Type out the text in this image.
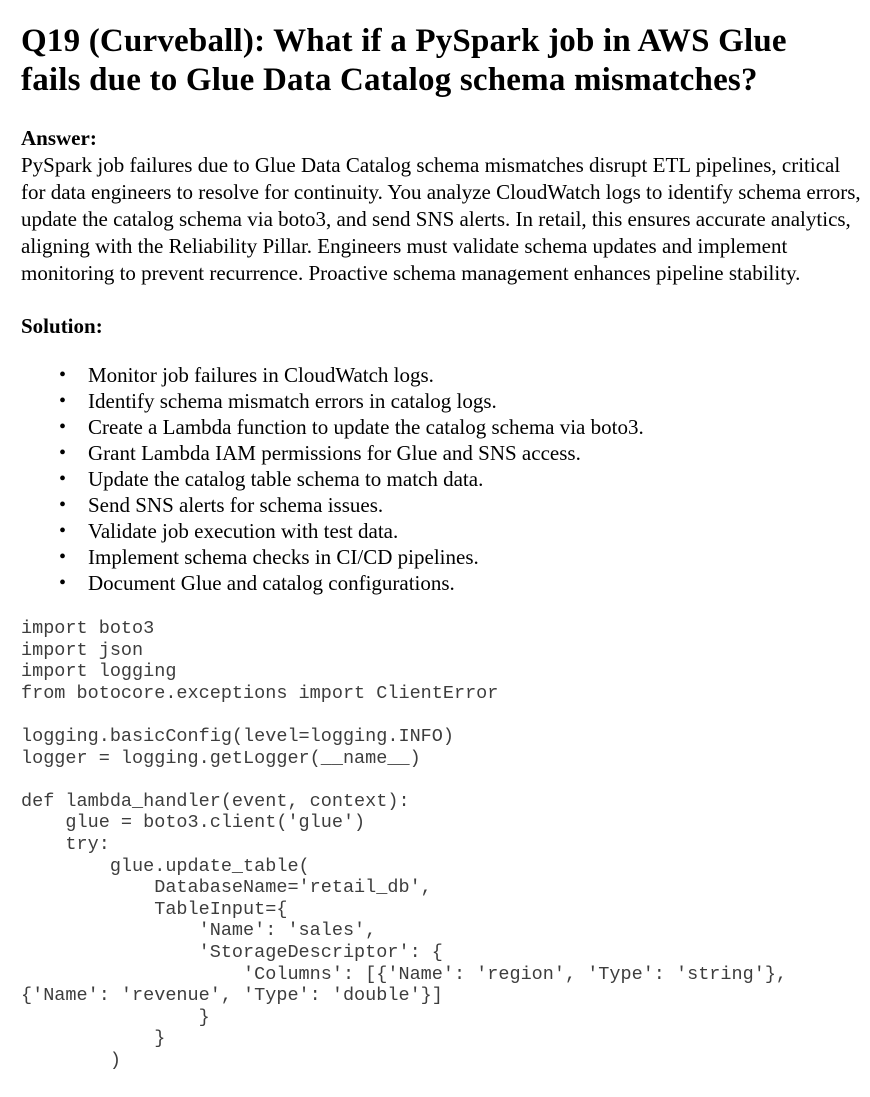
Q19 (Curveball): What if a PySpark job in AWS Glue fails due to Glue Data Catalog schema mismatches?

Answer:

PySpark job failures due to Glue Data Catalog schema mismatches disrupt ETL pipelines, critical for data engineers to resolve for continuity. You analyze CloudWatch logs to identify schema errors, update the catalog schema via boto3, and send SNS alerts. In retail, this ensures accurate analytics, aligning with the Reliability Pillar. Engineers must validate schema updates and implement monitoring to prevent recurrence. Proactive schema management enhances pipeline stability.

Solution:

• Monitor job failures in CloudWatch logs.
• Identify schema mismatch errors in catalog logs.
• Create a Lambda function to update the catalog schema via boto3.
• Grant Lambda IAM permissions for Glue and SNS access.
• Update the catalog table schema to match data.
• Send SNS alerts for schema issues.
• Validate job execution with test data.
• Implement schema checks in CI/CD pipelines.
• Document Glue and catalog configurations.
import boto3
import json
import logging
from botocore.exceptions import ClientError
logging.basicConfig(level=logging.INFO)
logger = logging.getLogger(__name__)
def lambda_handler(event, context):
glue = boto3.client('glue')
try:
glue.update_table(
DatabaseName='retail_db',
TableInput={
'Name': 'sales',
'StorageDescriptor': {
'Columns': [{'Name': 'region', 'Type': 'string'},
{'Name': 'revenue', 'Type': 'double'}]
}
}
)
